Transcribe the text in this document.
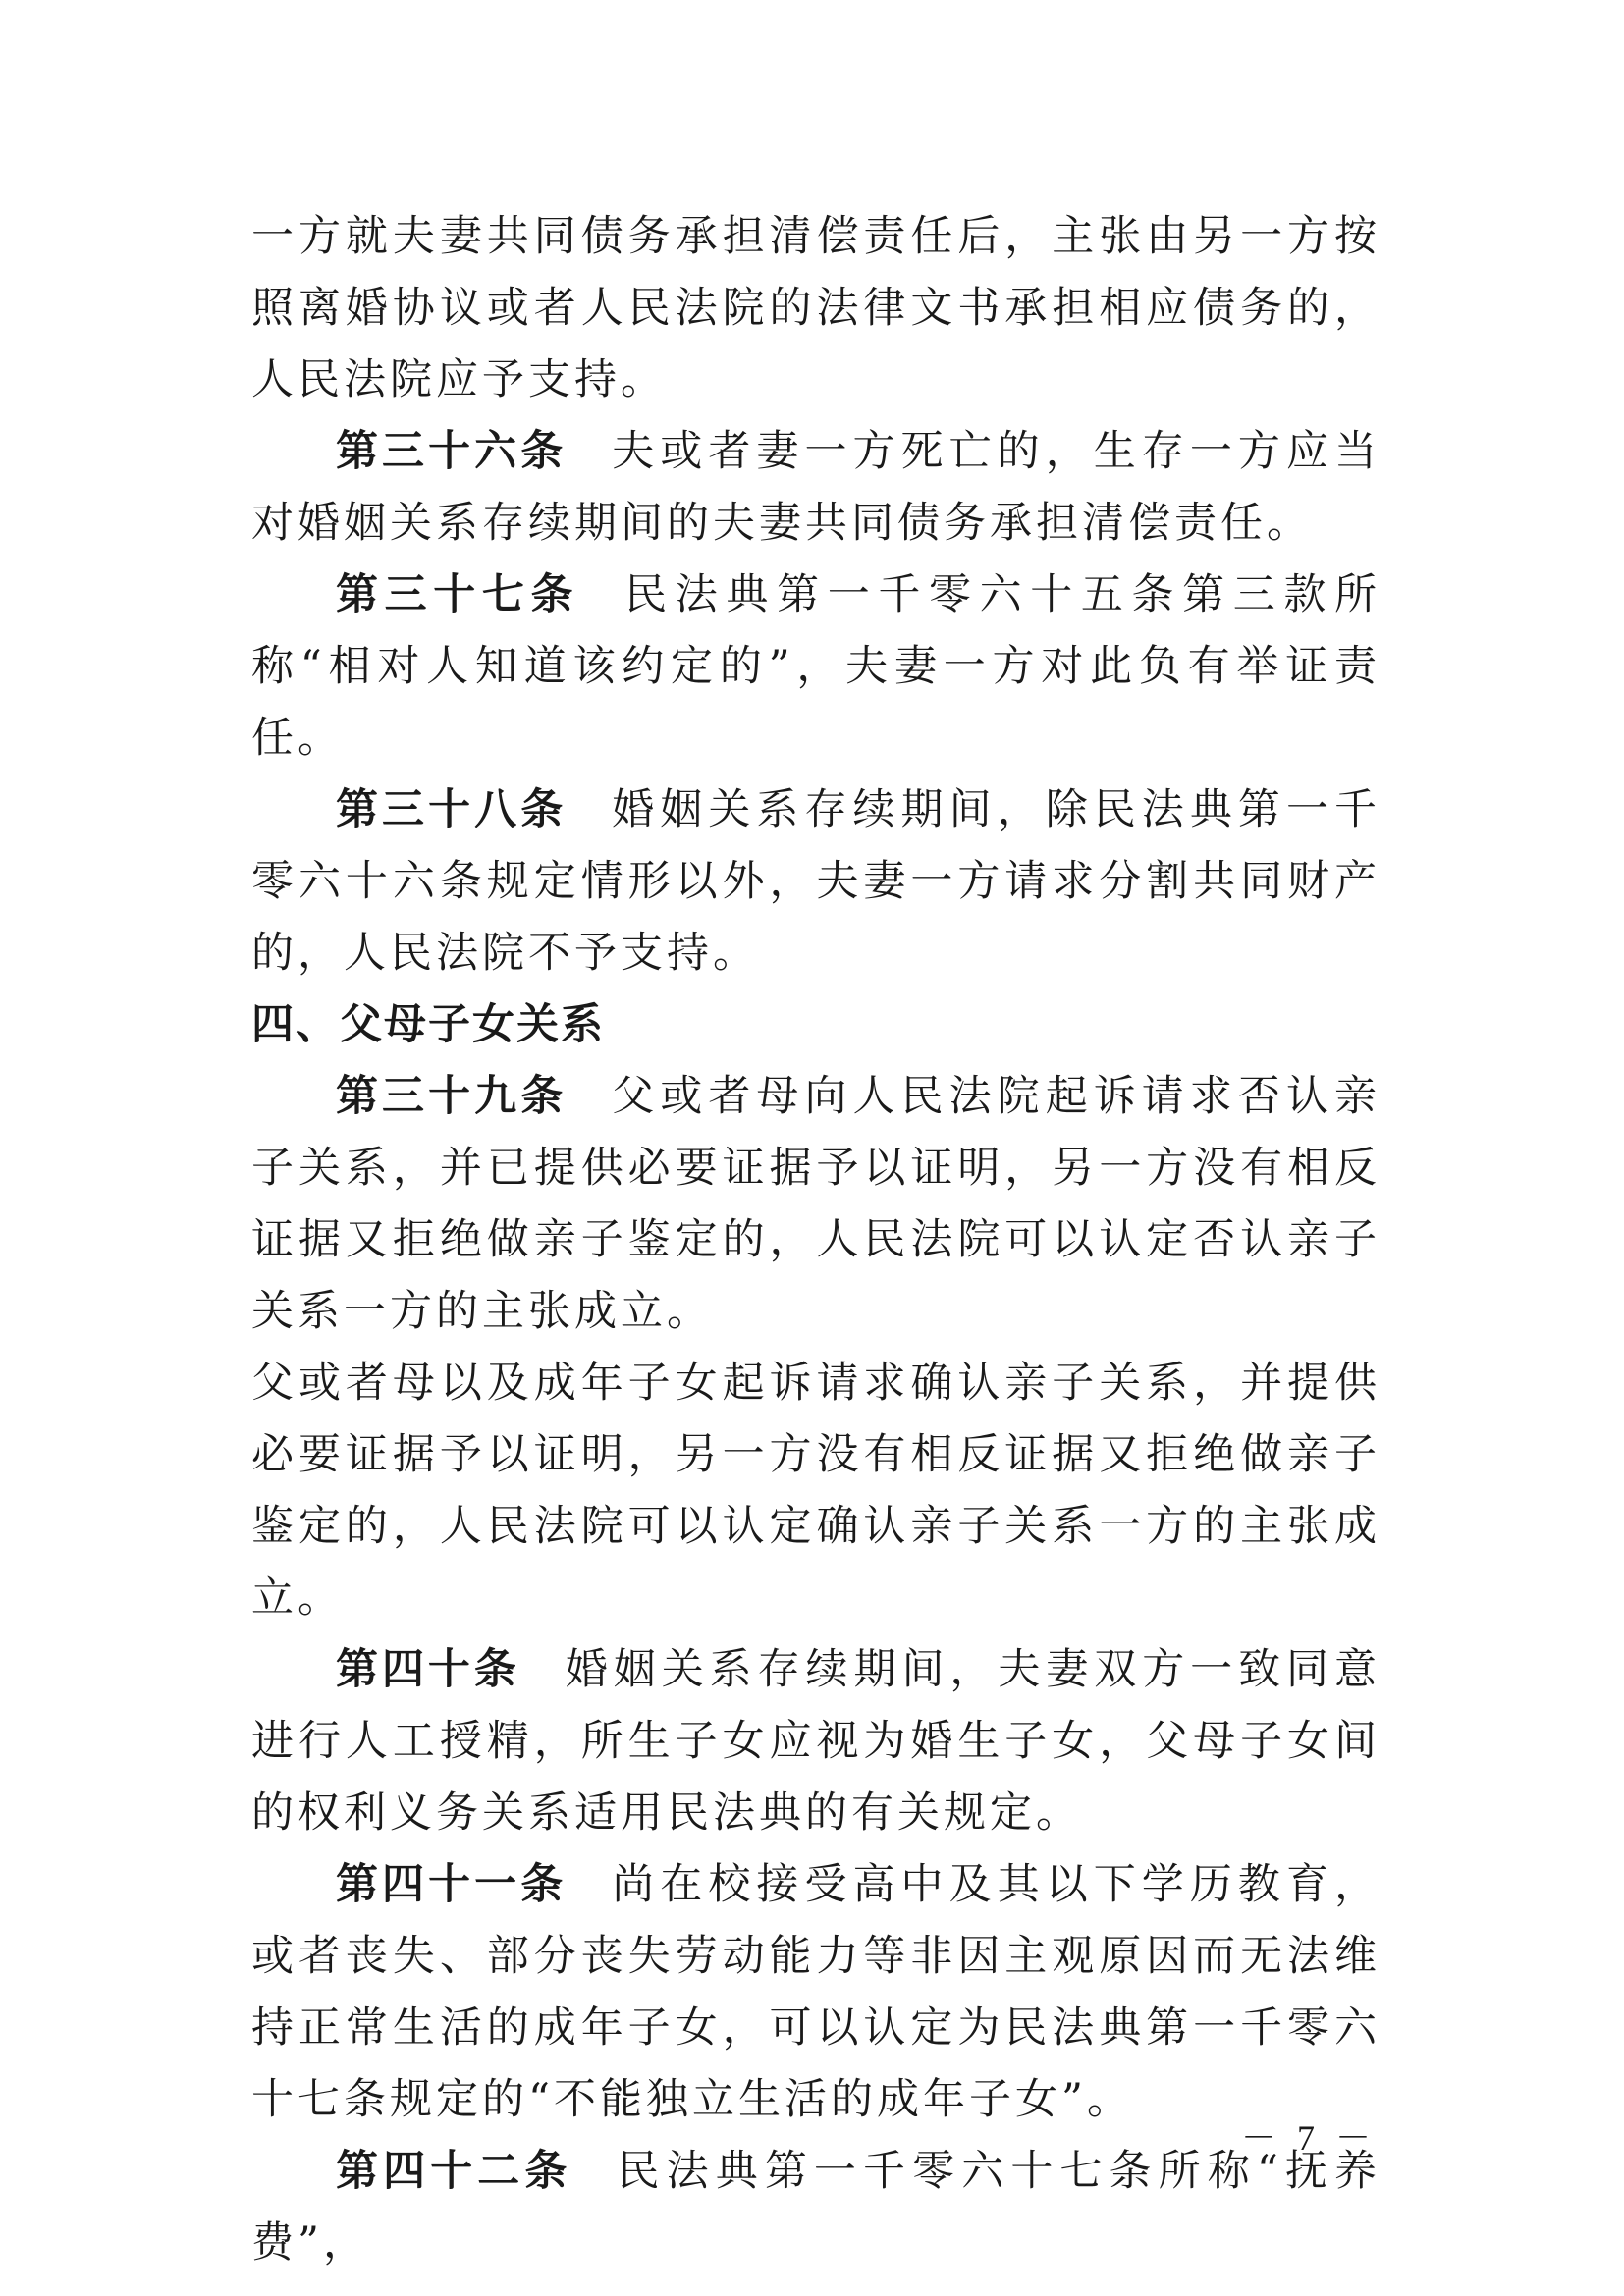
一方就夫妻共同债务承担清偿责任后，主张由另一方按照离婚协议或者人民法院的法律文书承担相应债务的，人民法院应予支持。

第三十六条 夫或者妻一方死亡的，生存一方应当对婚姻关系存续期间的夫妻共同债务承担清偿责任。

第三十七条 民法典第一千零六十五条第三款所称“相对人知道该约定的”，夫妻一方对此负有举证责任。

第三十八条 婚姻关系存续期间，除民法典第一千零六十六条规定情形以外，夫妻一方请求分割共同财产的，人民法院不予支持。

四、父母子女关系

第三十九条 父或者母向人民法院起诉请求否认亲子关系，并已提供必要证据予以证明，另一方没有相反证据又拒绝做亲子鉴定的，人民法院可以认定否认亲子关系一方的主张成立。

父或者母以及成年子女起诉请求确认亲子关系，并提供必要证据予以证明，另一方没有相反证据又拒绝做亲子鉴定的，人民法院可以认定确认亲子关系一方的主张成立。

第四十条 婚姻关系存续期间，夫妻双方一致同意进行人工授精，所生子女应视为婚生子女，父母子女间的权利义务关系适用民法典的有关规定。

第四十一条 尚在校接受高中及其以下学历教育，或者丧失、部分丧失劳动能力等非因主观原因而无法维持正常生活的成年子女，可以认定为民法典第一千零六十七条规定的“不能独立生活的成年子女”。

第四十二条 民法典第一千零六十七条所称“抚养费”，

－ 7 －
